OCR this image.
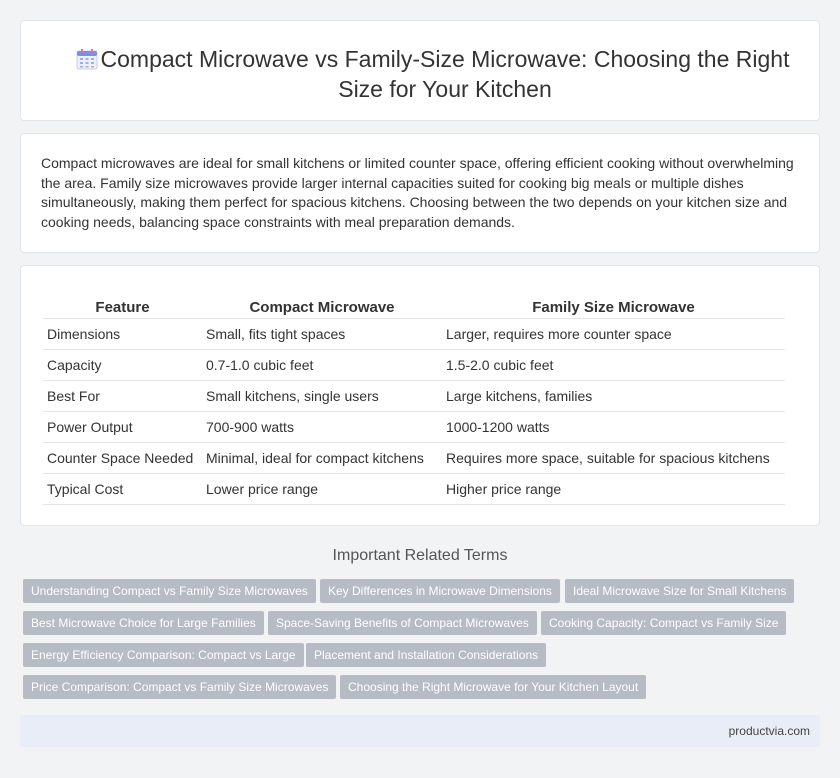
Compact Microwave vs Family-Size Microwave: Choosing the Right Size for Your Kitchen

Compact microwaves are ideal for small kitchens or limited counter space, offering efficient cooking without overwhelming the area. Family size microwaves provide larger internal capacities suited for cooking big meals or multiple dishes simultaneously, making them perfect for spacious kitchens. Choosing between the two depends on your kitchen size and cooking needs, balancing space constraints with meal preparation demands.

Feature	Compact Microwave	Family Size Microwave
Dimensions	Small, fits tight spaces	Larger, requires more counter space
Capacity	0.7-1.0 cubic feet	1.5-2.0 cubic feet
Best For	Small kitchens, single users	Large kitchens, families
Power Output	700-900 watts	1000-1200 watts
Counter Space Needed	Minimal, ideal for compact kitchens	Requires more space, suitable for spacious kitchens
Typical Cost	Lower price range	Higher price range
Important Related Terms
Understanding Compact vs Family Size Microwaves	Key Differences in Microwave Dimensions	Ideal Microwave Size for Small Kitchens
Best Microwave Choice for Large Families	Space-Saving Benefits of Compact Microwaves	Cooking Capacity: Compact vs Family Size
Energy Efficiency Comparison: Compact vs Large	Placement and Installation Considerations
Price Comparison: Compact vs Family Size Microwaves	Choosing the Right Microwave for Your Kitchen Layout
productvia.com
